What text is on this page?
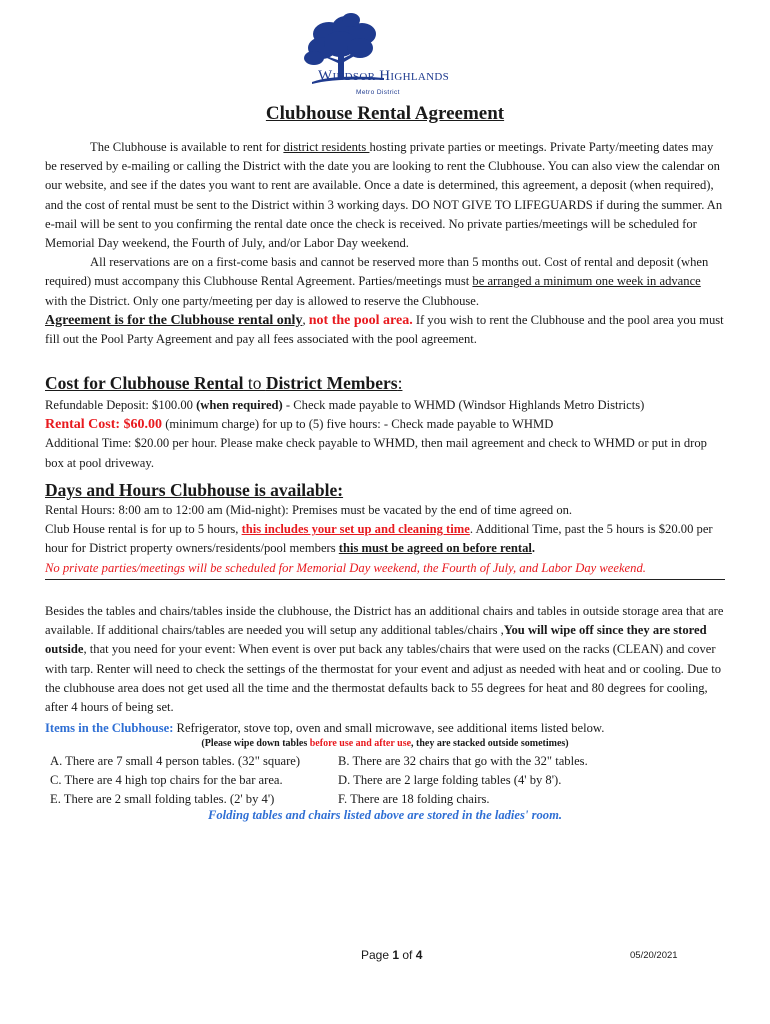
Windsor Highlands
Metro District
Clubhouse Rental Agreement

The Clubhouse is available to rent for district residents hosting private parties or meetings. Private Party/meeting dates may be reserved by e-mailing or calling the District with the date you are looking to rent the Clubhouse. You can also view the calendar on our website, and see if the dates you want to rent are available. Once a date is determined, this agreement, a deposit (when required), and the cost of rental must be sent to the District within 3 working days. DO NOT GIVE TO LIFEGUARDS if during the summer. An e-mail will be sent to you confirming the rental date once the check is received. No private parties/meetings will be scheduled for Memorial Day weekend, the Fourth of July, and/or Labor Day weekend.

All reservations are on a first-come basis and cannot be reserved more than 5 months out. Cost of rental and deposit (when required) must accompany this Clubhouse Rental Agreement. Parties/meetings must be arranged a minimum one week in advance with the District. Only one party/meeting per day is allowed to reserve the Clubhouse.

Agreement is for the Clubhouse rental only, not the pool area. If you wish to rent the Clubhouse and the pool area you must fill out the Pool Party Agreement and pay all fees associated with the pool agreement.

Cost for Clubhouse Rental to District Members:

Refundable Deposit: $100.00 (when required) - Check made payable to WHMD (Windsor Highlands Metro Districts)

Rental Cost: $60.00 (minimum charge) for up to (5) five hours: - Check made payable to WHMD

Additional Time: $20.00 per hour. Please make check payable to WHMD, then mail agreement and check to WHMD or put in drop box at pool driveway.

Days and Hours Clubhouse is available:

Rental Hours: 8:00 am to 12:00 am (Mid-night): Premises must be vacated by the end of time agreed on.

Club House rental is for up to 5 hours, this includes your set up and cleaning time. Additional Time, past the 5 hours is $20.00 per hour for District property owners/residents/pool members this must be agreed on before rental.

No private parties/meetings will be scheduled for Memorial Day weekend, the Fourth of July, and Labor Day weekend.

Besides the tables and chairs/tables inside the clubhouse, the District has an additional chairs and tables in outside storage area that are available. If additional chairs/tables are needed you will setup any additional tables/chairs ,You will wipe off since they are stored outside, that you need for your event: When event is over put back any tables/chairs that were used on the racks (CLEAN) and cover with tarp. Renter will need to check the settings of the thermostat for your event and adjust as needed with heat and or cooling. Due to the clubhouse area does not get used all the time and the thermostat defaults back to 55 degrees for heat and 80 degrees for cooling, after 4 hours of being set.

Items in the Clubhouse: Refrigerator, stove top, oven and small microwave, see additional items listed below.

(Please wipe down tables before use and after use, they are stacked outside sometimes)
A. There are 7 small 4 person tables. (32" square)	B. There are 32 chairs that go with the 32" tables.
C. There are 4 high top chairs for the bar area.	D. There are 2 large folding tables (4' by 8').
E. There are 2 small folding tables. (2' by 4')	F. There are 18 folding chairs.
Folding tables and chairs listed above are stored in the ladies' room.
Page 1 of 4	05/20/2021
